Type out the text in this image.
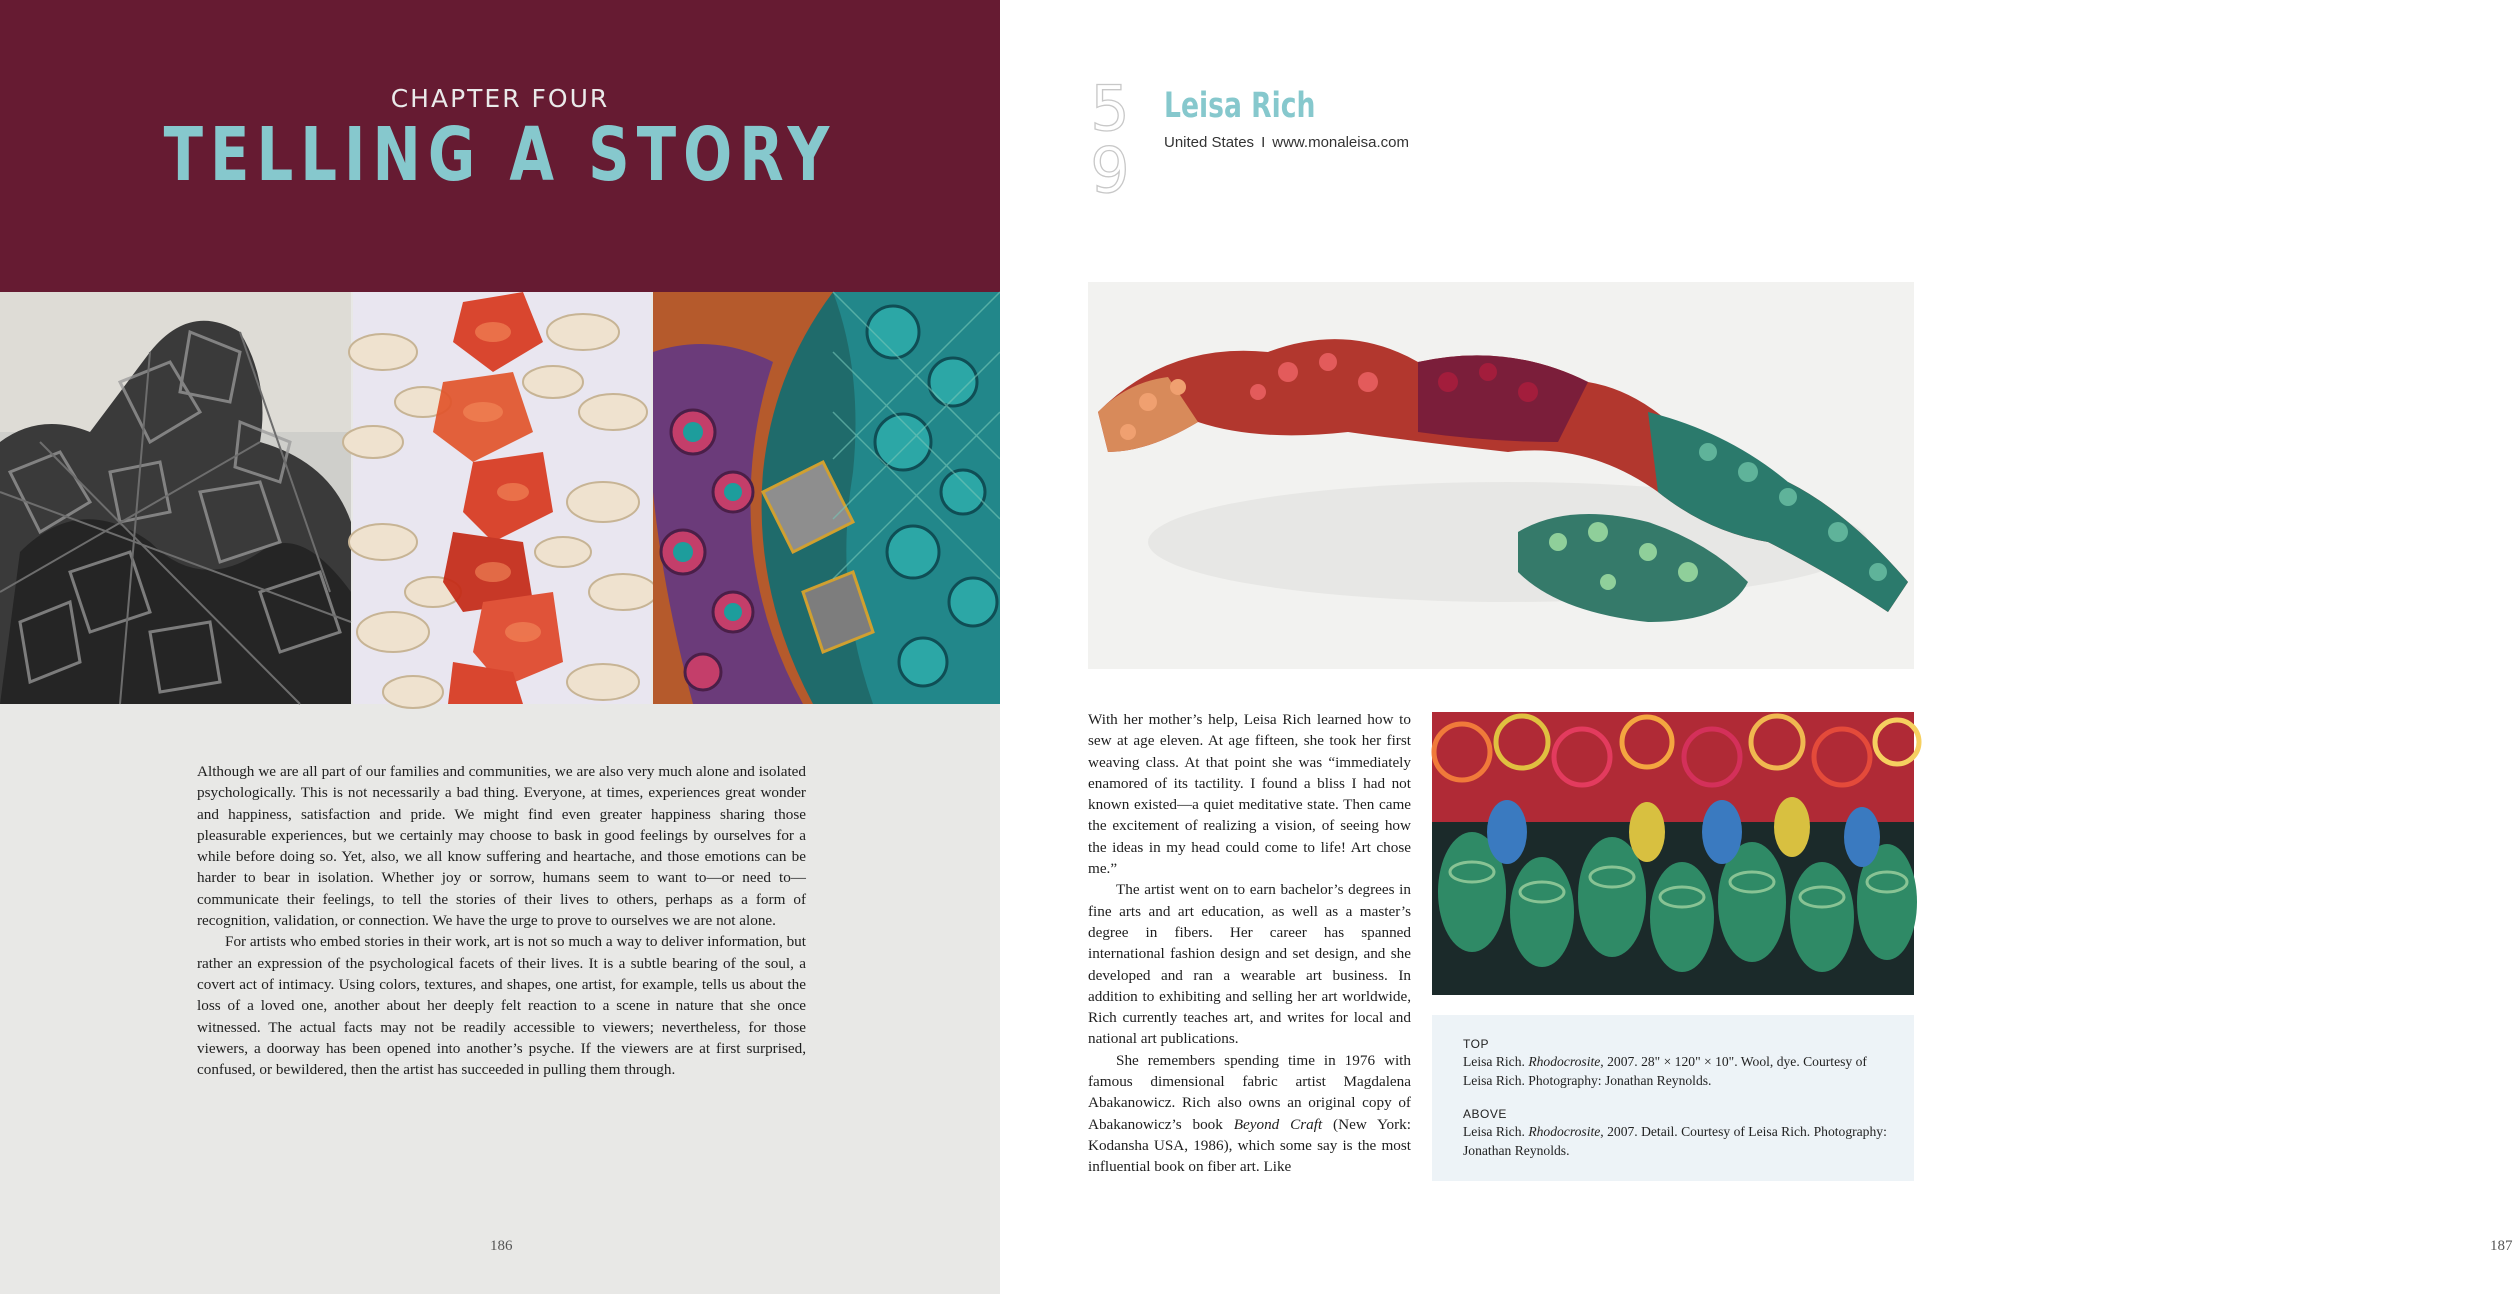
CHAPTER FOUR
TELLING A STORY

Although we are all part of our families and communities, we are also very much alone and isolated psychologically. This is not necessarily a bad thing. Everyone, at times, experiences great wonder and happiness, satisfaction and pride. We might find even greater happiness sharing those pleasurable experiences, but we certainly may choose to bask in good feelings by ourselves for a while before doing so. Yet, also, we all know suffering and heartache, and those emotions can be harder to bear in isolation. Whether joy or sorrow, humans seem to want to—or need to—communicate their feelings, to tell the stories of their lives to others, perhaps as a form of recognition, validation, or connection. We have the urge to prove to ourselves we are not alone.

For artists who embed stories in their work, art is not so much a way to deliver information, but rather an expression of the psychological facets of their lives. It is a subtle bearing of the soul, a covert act of intimacy. Using colors, textures, and shapes, one artist, for example, tells us about the loss of a loved one, another about her deeply felt reaction to a scene in nature that she once witnessed. The actual facts may not be readily accessible to viewers; nevertheless, for those viewers, a doorway has been opened into another’s psyche. If the viewers are at first surprised, confused, or bewildered, then the artist has succeeded in pulling them through.

186
59
Leisa Rich
United States I www.monaleisa.com

With her mother’s help, Leisa Rich learned how to sew at age eleven. At age fifteen, she took her first weaving class. At that point she was “immediately enamored of its tactility. I found a bliss I had not known existed—a quiet meditative state. Then came the excitement of realizing a vision, of seeing how the ideas in my head could come to life! Art chose me.”

The artist went on to earn bachelor’s degrees in fine arts and art education, as well as a master’s degree in fibers. Her career has spanned international fashion design and set design, and she developed and ran a wearable art business. In addition to exhibiting and selling her art worldwide, Rich currently teaches art, and writes for local and national art publications.

She remembers spending time in 1976 with famous dimensional fabric artist Magdalena Abakanowicz. Rich also owns an original copy of Abakanowicz’s book Beyond Craft (New York: Kodansha USA, 1986), which some say is the most influential book on fiber art. Like

TOP
Leisa Rich. Rhodocrosite, 2007. 28" × 120" × 10". Wool, dye. Courtesy of Leisa Rich. Photography: Jonathan Reynolds.
ABOVE
Leisa Rich. Rhodocrosite, 2007. Detail. Courtesy of Leisa Rich. Photography: Jonathan Reynolds.
187
